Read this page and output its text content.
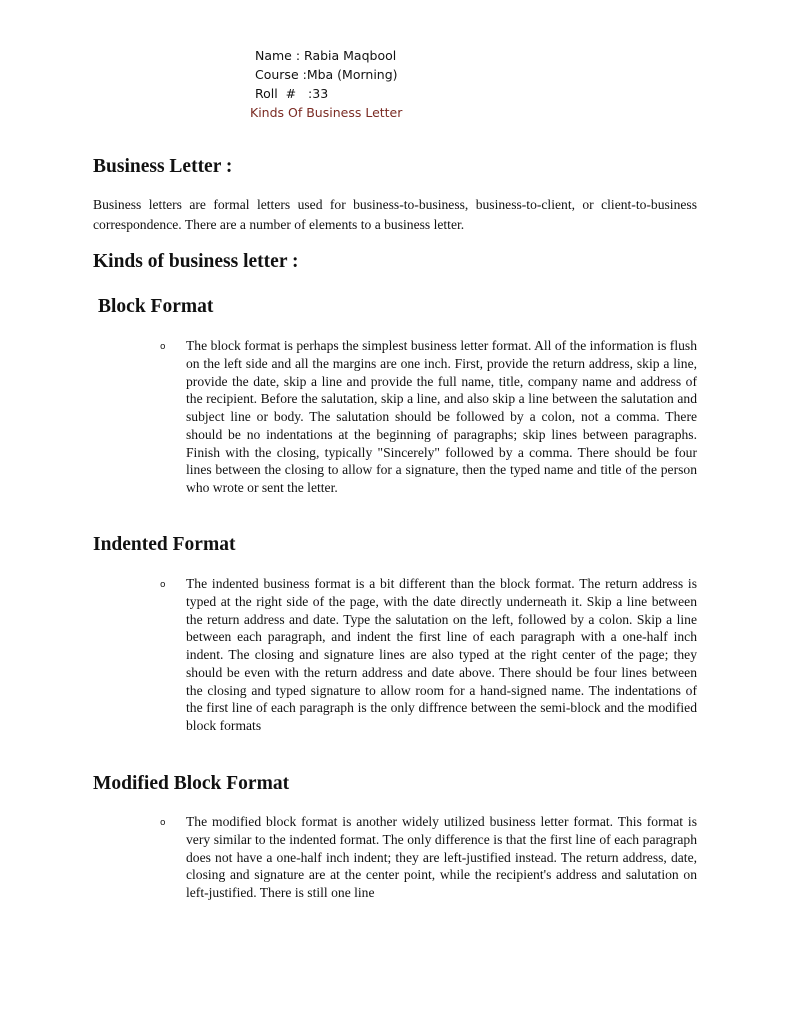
Name : Rabia Maqbool
Course :Mba (Morning)
Roll  #   :33
Kinds Of Business Letter
Business Letter :
Business letters are formal letters used for business-to-business, business-to-client, or client-to-business correspondence. There are a number of elements to a business letter.
Kinds of business letter :
Block Format
o The block format is perhaps the simplest business letter format. All of the information is flush on the left side and all the margins are one inch. First, provide the return address, skip a line, provide the date, skip a line and provide the full name, title, company name and address of the recipient. Before the salutation, skip a line, and also skip a line between the salutation and subject line or body. The salutation should be followed by a colon, not a comma. There should be no indentations at the beginning of paragraphs; skip lines between paragraphs. Finish with the closing, typically "Sincerely" followed by a comma. There should be four lines between the closing to allow for a signature, then the typed name and title of the person who wrote or sent the letter.
Indented Format
o The indented business format is a bit different than the block format. The return address is typed at the right side of the page, with the date directly underneath it. Skip a line between the return address and date. Type the salutation on the left, followed by a colon. Skip a line between each paragraph, and indent the first line of each paragraph with a one-half inch indent. The closing and signature lines are also typed at the right center of the page; they should be even with the return address and date above. There should be four lines between the closing and typed signature to allow room for a hand-signed name. The indentations of the first line of each paragraph is the only diffrence between the semi-block and the modified block formats
Modified Block Format
o The modified block format is another widely utilized business letter format. This format is very similar to the indented format. The only difference is that the first line of each paragraph does not have a one-half inch indent; they are left-justified instead. The return address, date, closing and signature are at the center point, while the recipient's address and salutation on left-justified. There is still one line
